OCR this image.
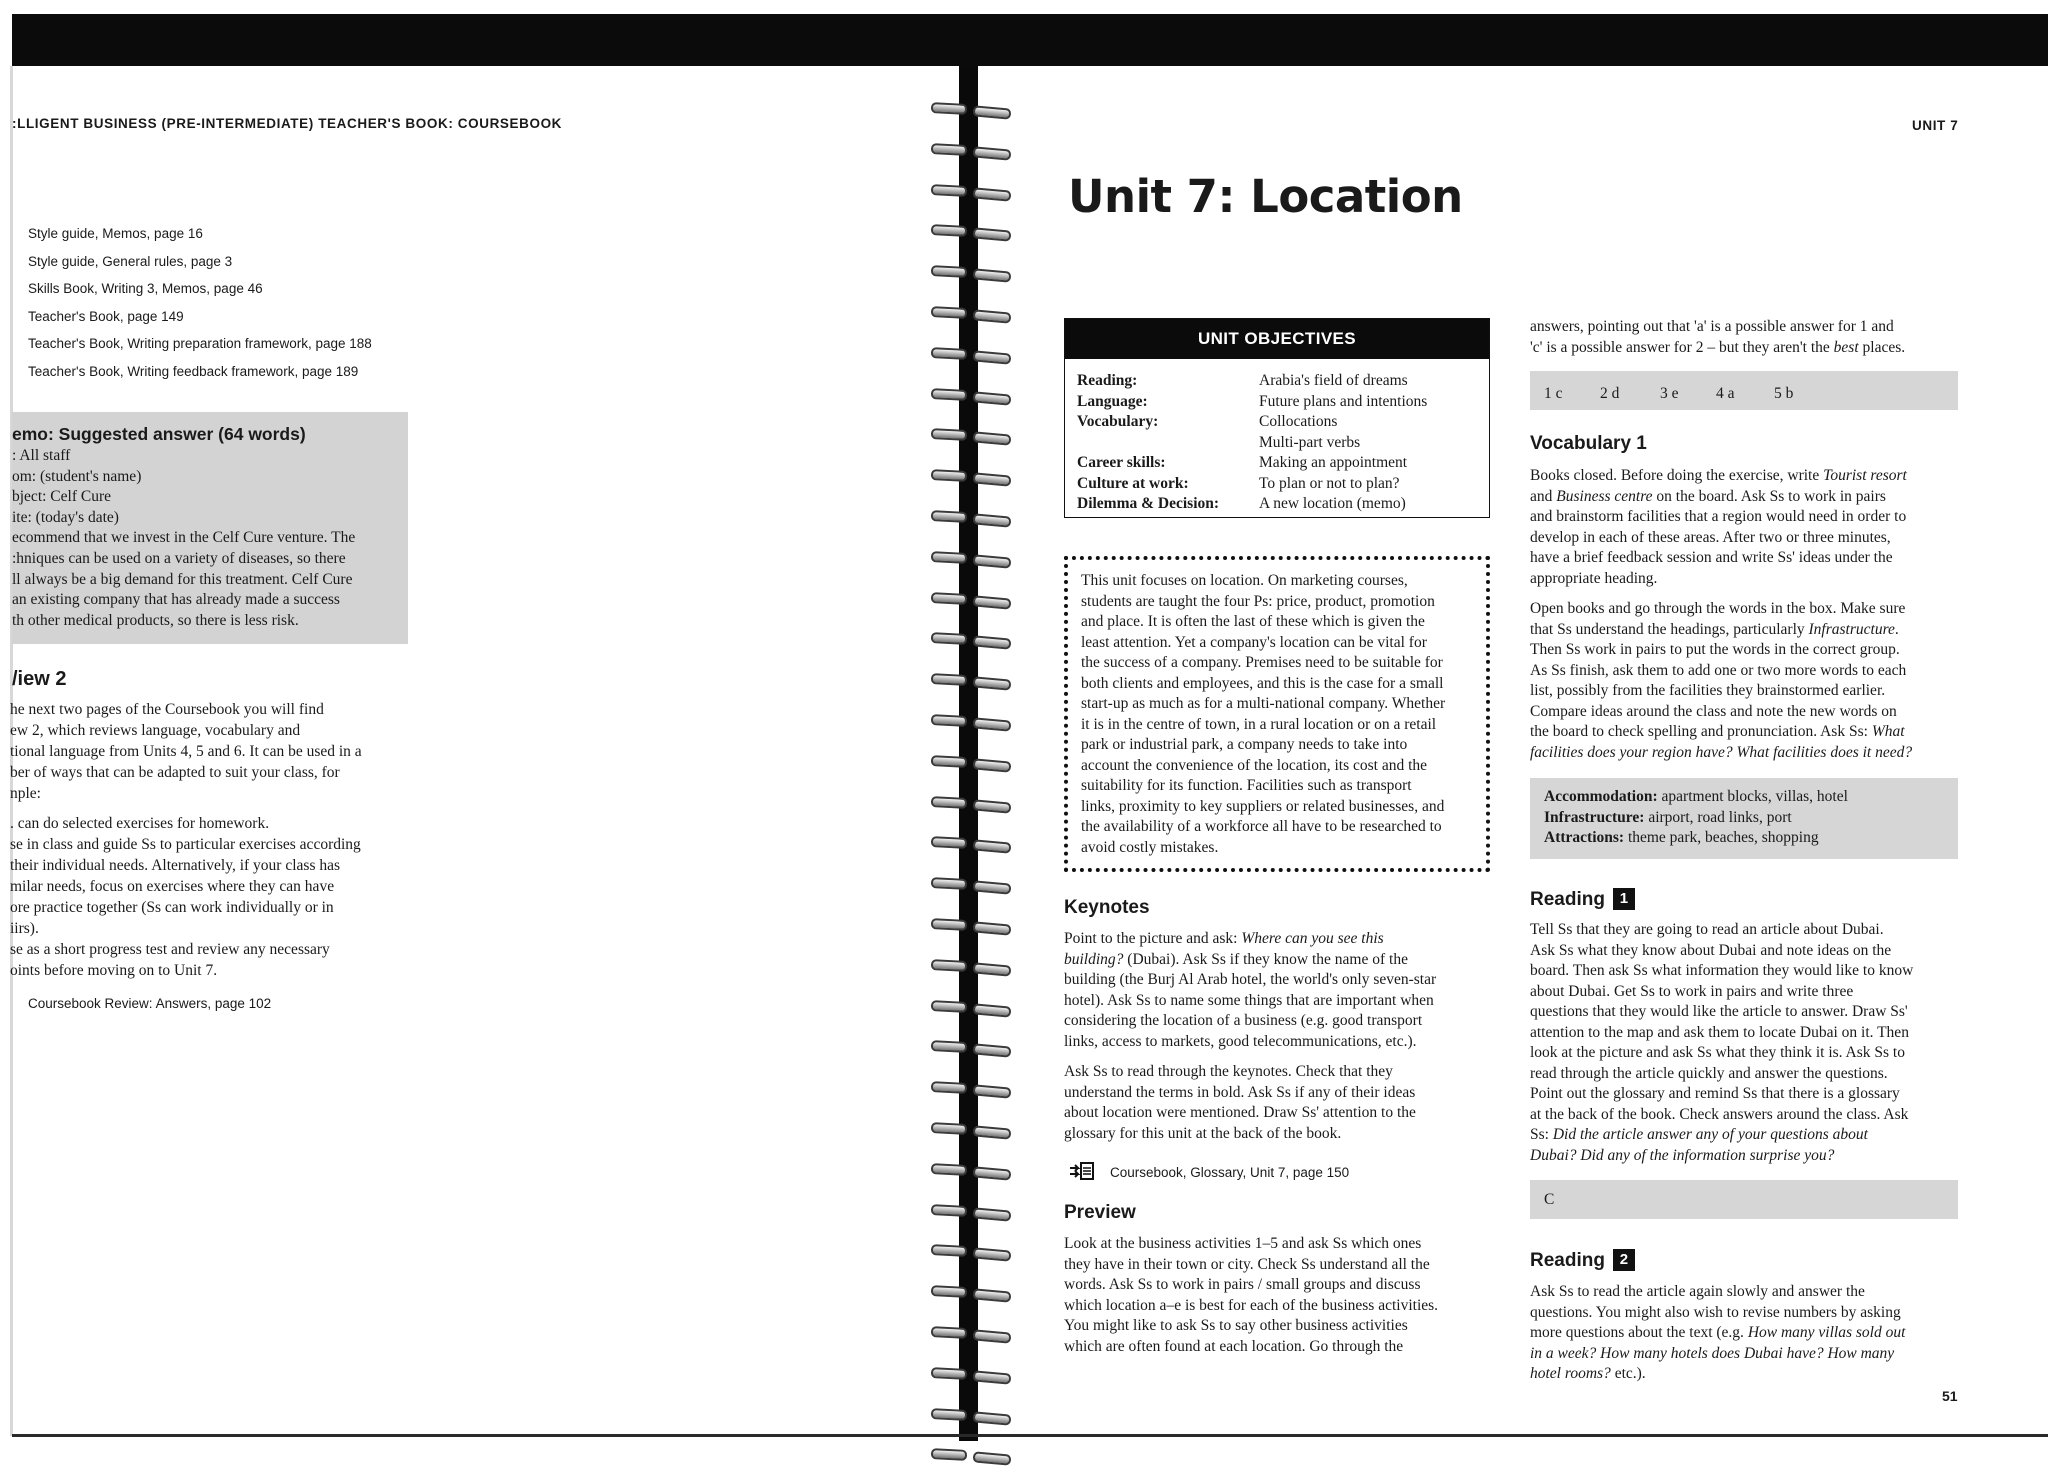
:LLIGENT BUSINESS (PRE-INTERMEDIATE) TEACHER'S BOOK: COURSEBOOK
Style guide, Memos, page 16
Style guide, General rules, page 3
Skills Book, Writing 3, Memos, page 46
Teacher's Book, page 149
Teacher's Book, Writing preparation framework, page 188
Teacher's Book, Writing feedback framework, page 189
emo: Suggested answer (64 words)
: All staff
om: (student's name)
bject: Celf Cure
ite: (today's date)
ecommend that we invest in the Celf Cure venture. The
:hniques can be used on a variety of diseases, so there
ll always be a big demand for this treatment. Celf Cure
an existing company that has already made a success
th other medical products, so there is less risk.
/iew 2
he next two pages of the Coursebook you will find
ew 2, which reviews language, vocabulary and
tional language from Units 4, 5 and 6. It can be used in a
ber of ways that can be adapted to suit your class, for
nple:
. can do selected exercises for homework.
se in class and guide Ss to particular exercises according
their individual needs. Alternatively, if your class has
milar needs, focus on exercises where they can have
ore practice together (Ss can work individually or in
iirs).
se as a short progress test and review any necessary
oints before moving on to Unit 7.
Coursebook Review: Answers, page 102
UNIT 7
Unit 7: Location
UNIT OBJECTIVES
Reading:	Arabia's field of dreams
Language:	Future plans and intentions
Vocabulary:	Collocations
Multi-part verbs
Career skills:	Making an appointment
Culture at work:	To plan or not to plan?
Dilemma & Decision:	A new location (memo)
This unit focuses on location. On marketing courses,
students are taught the four Ps: price, product, promotion
and place. It is often the last of these which is given the
least attention. Yet a company's location can be vital for
the success of a company. Premises need to be suitable for
both clients and employees, and this is the case for a small
start-up as much as for a multi-national company. Whether
it is in the centre of town, in a rural location or on a retail
park or industrial park, a company needs to take into
account the convenience of the location, its cost and the
suitability for its function. Facilities such as transport
links, proximity to key suppliers or related businesses, and
the availability of a workforce all have to be researched to
avoid costly mistakes.
Keynotes
Point to the picture and ask: Where can you see this
building? (Dubai). Ask Ss if they know the name of the
building (the Burj Al Arab hotel, the world's only seven-star
hotel). Ask Ss to name some things that are important when
considering the location of a business (e.g. good transport
links, access to markets, good telecommunications, etc.).
Ask Ss to read through the keynotes. Check that they
understand the terms in bold. Ask Ss if any of their ideas
about location were mentioned. Draw Ss' attention to the
glossary for this unit at the back of the book.
Coursebook, Glossary, Unit 7, page 150
Preview
Look at the business activities 1–5 and ask Ss which ones
they have in their town or city. Check Ss understand all the
words. Ask Ss to work in pairs / small groups and discuss
which location a–e is best for each of the business activities.
You might like to ask Ss to say other business activities
which are often found at each location. Go through the
answers, pointing out that 'a' is a possible answer for 1 and
'c' is a possible answer for 2 – but they aren't the best places.
1 c 2 d	3 e 4 a	5 b
Vocabulary 1
Books closed. Before doing the exercise, write Tourist resort
and Business centre on the board. Ask Ss to work in pairs
and brainstorm facilities that a region would need in order to
develop in each of these areas. After two or three minutes,
have a brief feedback session and write Ss' ideas under the
appropriate heading.
Open books and go through the words in the box. Make sure
that Ss understand the headings, particularly Infrastructure.
Then Ss work in pairs to put the words in the correct group.
As Ss finish, ask them to add one or two more words to each
list, possibly from the facilities they brainstormed earlier.
Compare ideas around the class and note the new words on
the board to check spelling and pronunciation. Ask Ss: What
facilities does your region have? What facilities does it need?
Accommodation: apartment blocks, villas, hotel
Infrastructure: airport, road links, port
Attractions: theme park, beaches, shopping
Reading 1
Tell Ss that they are going to read an article about Dubai.
Ask Ss what they know about Dubai and note ideas on the
board. Then ask Ss what information they would like to know
about Dubai. Get Ss to work in pairs and write three
questions that they would like the article to answer. Draw Ss'
attention to the map and ask them to locate Dubai on it. Then
look at the picture and ask Ss what they think it is. Ask Ss to
read through the article quickly and answer the questions.
Point out the glossary and remind Ss that there is a glossary
at the back of the book. Check answers around the class. Ask
Ss: Did the article answer any of your questions about
Dubai? Did any of the information surprise you?
C
Reading 2
Ask Ss to read the article again slowly and answer the
questions. You might also wish to revise numbers by asking
more questions about the text (e.g. How many villas sold out
in a week? How many hotels does Dubai have? How many
hotel rooms? etc.).
51
